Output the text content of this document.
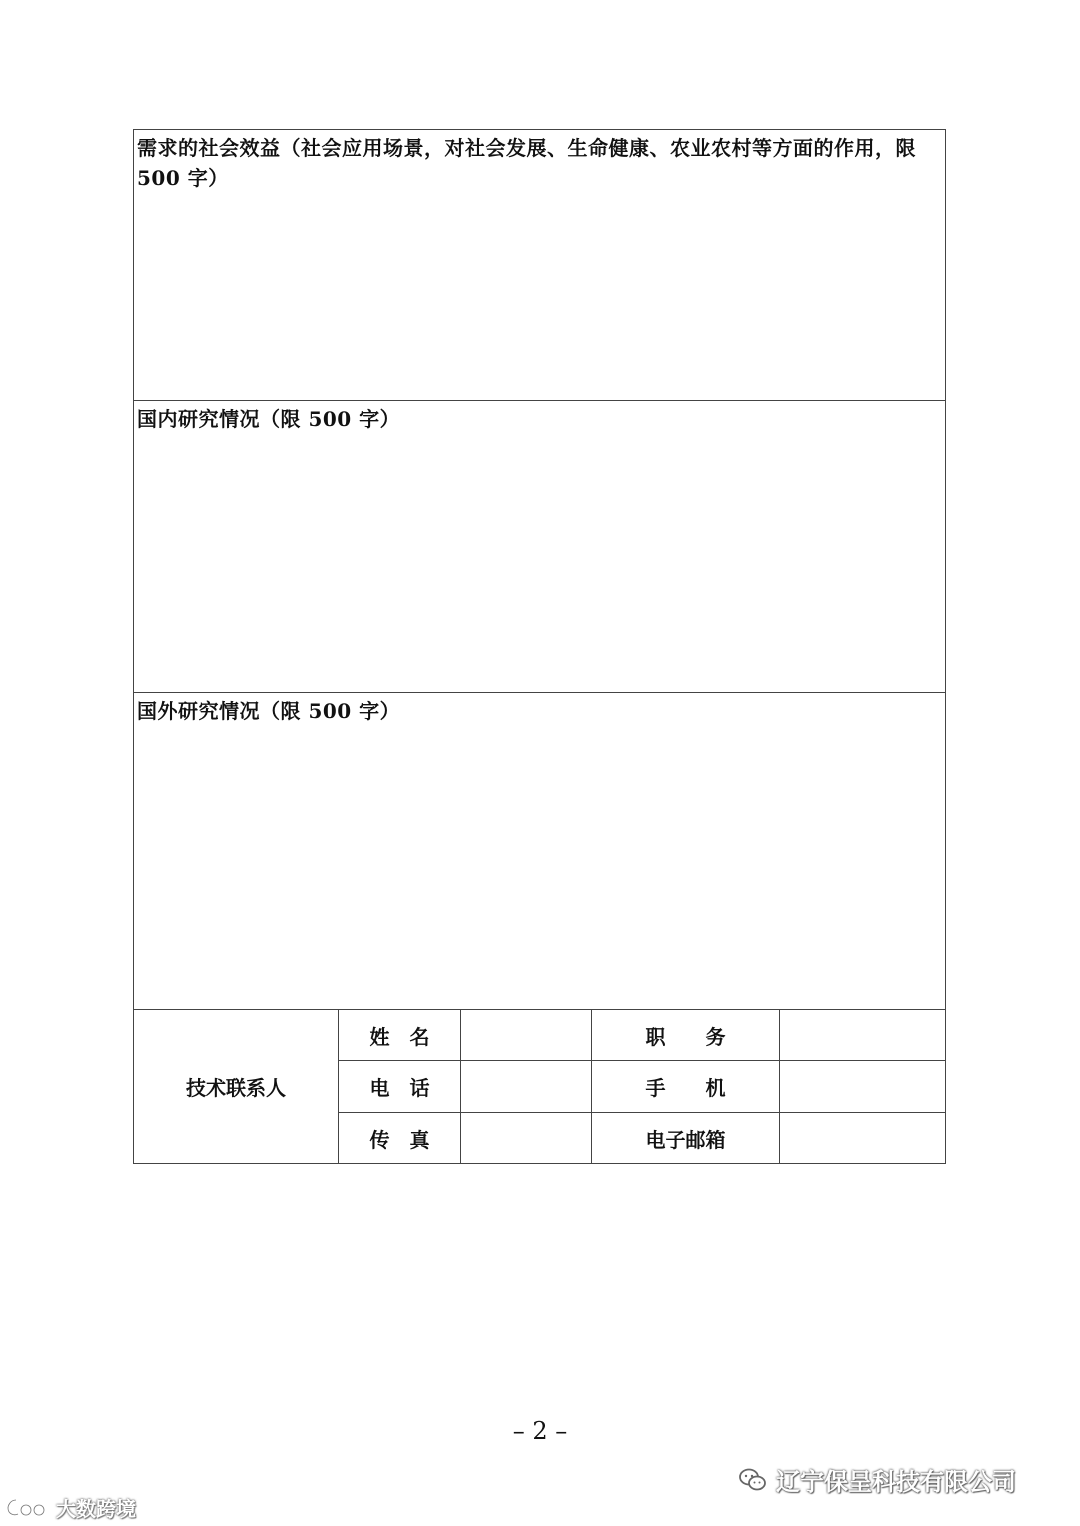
需求的社会效益（社会应用场景，对社会发展、生命健康、农业农村等方面的作用，限 500 字）
国内研究情况（限 500 字）
国外研究情况（限 500 字）
技术联系人
姓　名	职　　务
电　话	手　　机
传　真	电子邮箱
– 2 –
大数跨境
辽宁保呈科技有限公司
